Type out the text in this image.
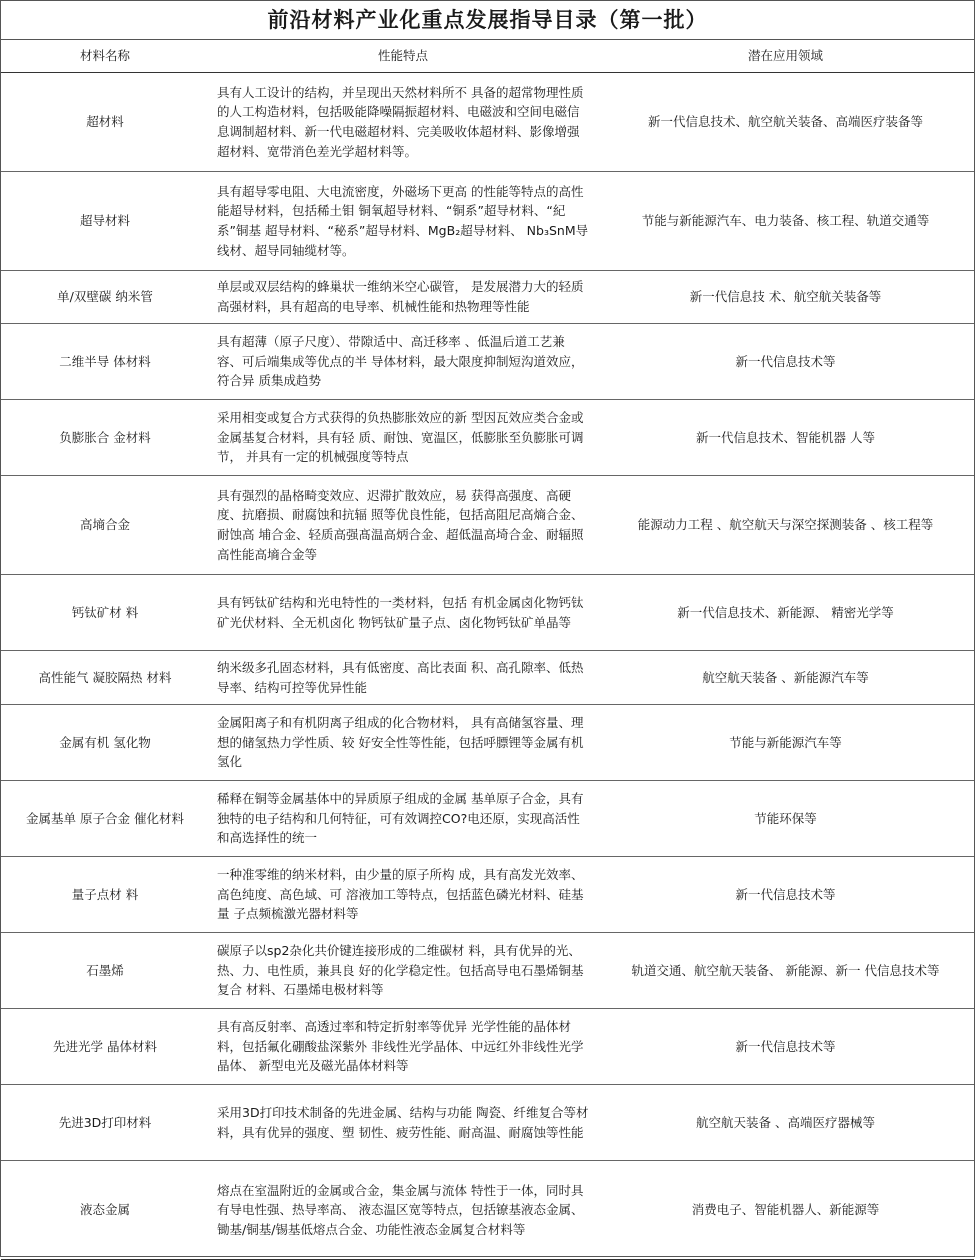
前沿材料产业化重点发展指导目录（第一批）
材料名称	性能特点	潜在应用领域
超材料	具有人工设计的结构，并呈现出天然材料所不 具备的超常物理性质的人工构造材料，包括吸能降噪隔振超材料、电磁波和空间电磁信息调制超材料、新一代电磁超材料、完美吸收体超材料、影像增强超材料、宽带消色差光学超材料等。	新一代信息技术、航空航关装备、高端医疗装备等
超导材料	具有超导零电阻、大电流密度，外磁场下更高 的性能等特点的高性能超导材料，包括稀土钼 铜氧超导材料、“铜系”超导材料、“紀系”铜基 超导材料、“秘系”超导材料、MgB₂超导材料、 Nb₃SnM导线材、超导同轴缆材等。	节能与新能源汽车、电力装备、核工程、轨道交通等
单/双壁碳 纳米管	单层或双层结构的蜂巢状一维纳米空心碳管， 是发展潜力大的轻质高强材料，具有超高的电导率、机械性能和热物理等性能	新一代信息技 术、航空航关装备等
二维半导 体材料	具有超薄（原子尺度）、带隙适中、高迁移率 、低温后道工艺兼容、可后端集成等优点的半 导体材料，最大限度抑制短沟道效应，符合异 质集成趋势	新一代信息技术等
负膨胀合 金材料	采用相变或复合方式获得的负热膨胀效应的新 型因瓦效应类合金或金属基复合材料，具有轻 质、耐蚀、宽温区，低膨胀至负膨胀可调节， 并具有一定的机械强度等特点	新一代信息技术、智能机器 人等
高墒合金	具有强烈的晶格畸变效应、迟滞扩散效应，易 获得高强度、高硬度、抗磨损、耐腐蚀和抗辐 照等优良性能，包括高阻尼高熵合金、耐蚀高 埔合金、轻质高强髙温高炳合金、超低温高埼合金、耐辐照高性能高墒合金等	能源动力工程 、航空航天与深空探测装备 、核工程等
钙钛矿材 料	具有钙钛矿结构和光电特性的一类材料，包括 有机金属卤化物钙钛矿光伏材料、全无机卤化 物钙钛矿量子点、卤化物钙钛矿单晶等	新一代信息技术、新能源、 精密光学等
高性能气 凝胶隔热 材料	纳米级多孔固态材料，具有低密度、高比表面 积、高孔隙率、低热导率、结构可控等优异性能	航空航天装备 、新能源汽车等
金属有机 氢化物	金属阳离子和有机阴离子组成的化合物材料， 具有高储氢容量、理想的储氢热力学性质、较 好安全性等性能，包括呼膘锂等金属有机氢化	节能与新能源汽车等
金属基单 原子合金 催化材料	稀释在铜等金属基体中的异质原子组成的金属 基单原子合金，具有独特的电子结构和几何特征，可有效调控CO?电还原，实现高活性和高选择性的统一	节能环保等
量子点材 料	一种准零维的纳米材料，由少量的原子所构 成，具有高发光效率、高色纯度、高色域、可 溶液加工等特点，包括蓝色磷光材料、硅基量 子点频梳激光器材料等	新一代信息技术等
石墨烯	碳原子以sp2杂化共价键连接形成的二维碳材 料，具有优异的光、热、力、电性质，兼具良 好的化学稳定性。包括高导电石墨烯铜基复合 材料、石墨烯电极材料等	轨道交通、航空航天装备、 新能源、新一 代信息技术等
先进光学 晶体材料	具有高反射率、高透过率和特定折射率等优异 光学性能的晶体材料，包括氟化硼酸盐深紫外 非线性光学晶体、中远红外非线性光学晶体、 新型电光及磁光晶体材料等	新一代信息技术等
先进3D打印材料	采用3D打印技术制备的先进金属、结构与功能 陶瓷、纤维复合等材料，具有优异的强度、塑 韧性、疲劳性能、耐高温、耐腐蚀等性能	航空航天装备 、高端医疗器械等
液态金属	熔点在室温附近的金属或合金，集金属与流体 特性于一体，同时具有导电性强、热导率高、 液态温区宽等特点，包括镣基液态金属、锄基/铜基/锡基低熔点合金、功能性液态金属复合材料等	消费电子、智能机器人、新能源等
